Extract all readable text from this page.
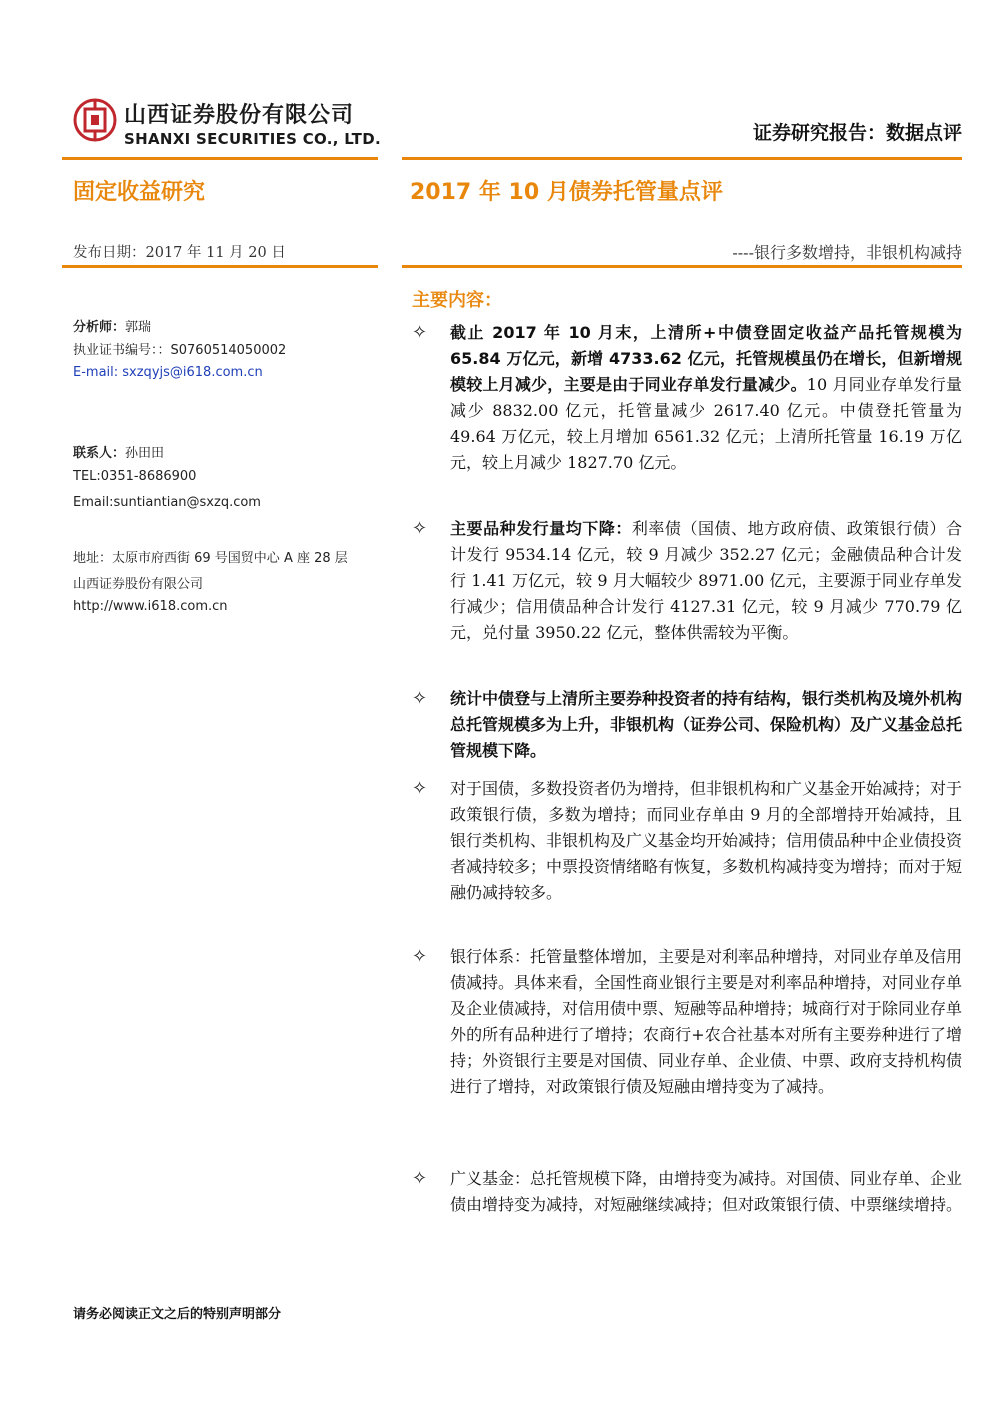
山西证券股份有限公司
SHANXI SECURITIES CO., LTD.	证券研究报告：数据点评
固定收益研究	2017 年 10 月债券托管量点评
发布日期：2017 年 11 月 20 日	----银行多数增持，非银机构减持
分析师：郭瑞
执业证书编号：：S0760514050002
E-mail: sxzqyjs@i618.com.cn
联系人：孙田田
TEL:0351-8686900
Email:suntiantian@sxzq.com
地址：太原市府西街 69 号国贸中心 A 座 28 层
山西证券股份有限公司
http://www.i618.com.cn
主要内容：
✧ 截止 2017 年 10 月末，上清所+中债登固定收益产品托管规模为 65.84 万亿元，新增 4733.62 亿元，托管规模虽仍在增长，但新增规模较上月减少，主要是由于同业存单发行量减少。10 月同业存单发行量减少 8832.00 亿元，托管量减少 2617.40 亿元。中债登托管量为 49.64 万亿元，较上月增加 6561.32 亿元；上清所托管量 16.19 万亿元，较上月减少 1827.70 亿元。
✧ 主要品种发行量均下降：利率债（国债、地方政府债、政策银行债）合计发行 9534.14 亿元，较 9 月减少 352.27 亿元；金融债品种合计发行 1.41 万亿元，较 9 月大幅较少 8971.00 亿元，主要源于同业存单发行减少；信用债品种合计发行 4127.31 亿元，较 9 月减少 770.79 亿元，兑付量 3950.22 亿元，整体供需较为平衡。
✧ 统计中债登与上清所主要券种投资者的持有结构，银行类机构及境外机构总托管规模多为上升，非银机构（证券公司、保险机构）及广义基金总托管规模下降。
✧ 对于国债，多数投资者仍为增持，但非银机构和广义基金开始减持；对于政策银行债，多数为增持；而同业存单由 9 月的全部增持开始减持，且银行类机构、非银机构及广义基金均开始减持；信用债品种中企业债投资者减持较多；中票投资情绪略有恢复，多数机构减持变为增持；而对于短融仍减持较多。
✧ 银行体系：托管量整体增加，主要是对利率品种增持，对同业存单及信用债减持。具体来看，全国性商业银行主要是对利率品种增持，对同业存单及企业债减持，对信用债中票、短融等品种增持；城商行对于除同业存单外的所有品种进行了增持；农商行+农合社基本对所有主要券种进行了增持；外资银行主要是对国债、同业存单、企业债、中票、政府支持机构债进行了增持，对政策银行债及短融由增持变为了减持。
✧ 广义基金：总托管规模下降，由增持变为减持。对国债、同业存单、企业债由增持变为减持，对短融继续减持；但对政策银行债、中票继续增持。
请务必阅读正文之后的特别声明部分
